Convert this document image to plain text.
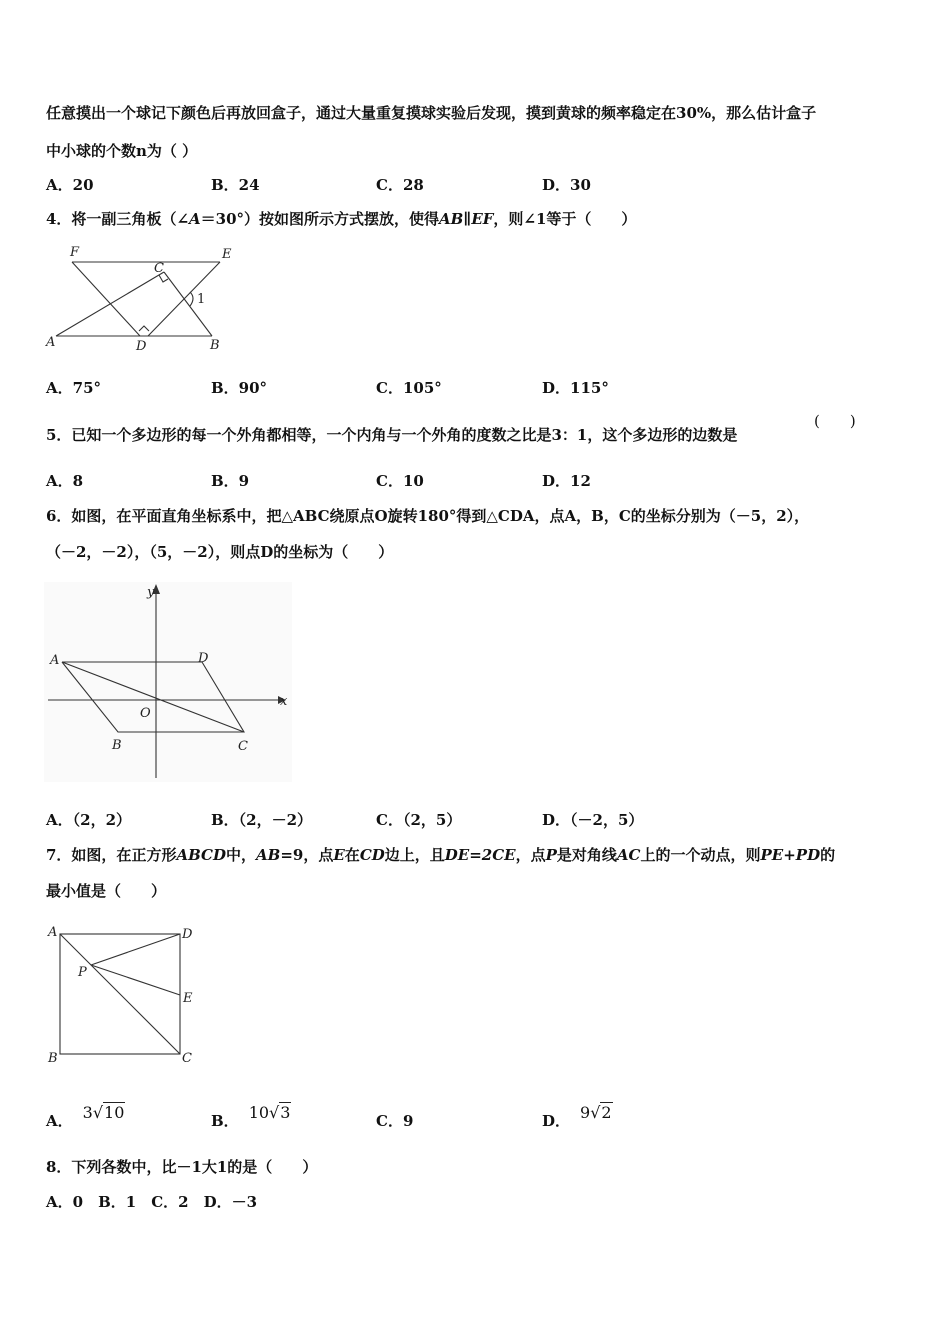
任意摸出一个球记下颜色后再放回盒子，通过大量重复摸球实验后发现，摸到黄球的频率稳定在30%，那么估计盒子
中小球的个数n为（ ）
A．20	B．24	C．28	D．30
4．将一副三角板（∠A＝30°）按如图所示方式摆放，使得AB∥EF，则∠1等于（　　）
F	E
C
1
A	D	B
A．75°	B．90°	C．105°	D．115°
5．已知一个多边形的每一个外角都相等，一个内角与一个外角的度数之比是3：1，这个多边形的边数是
(　　)
A．8	B．9	C．10	D．12
6．如图，在平面直角坐标系中，把△ABC绕原点O旋转180°得到△CDA，点A，B，C的坐标分别为（－5，2），
（－2，－2），（5，－2），则点D的坐标为（　　）
y
x
A	D
O
B	C
A．（2，2）	B．（2，－2）	C．（2，5）	D．（－2，5）
7．如图，在正方形ABCD中，AB=9，点E在CD边上，且DE=2CE，点P是对角线AC上的一个动点，则PE+PD的
最小值是（　　）
A	D
P
E
B	C
A． 3√10	B． 10√3	C．9	D． 9√2
8．下列各数中，比－1大1的是（　　）
A．0　B．1　C．2　D．－3
